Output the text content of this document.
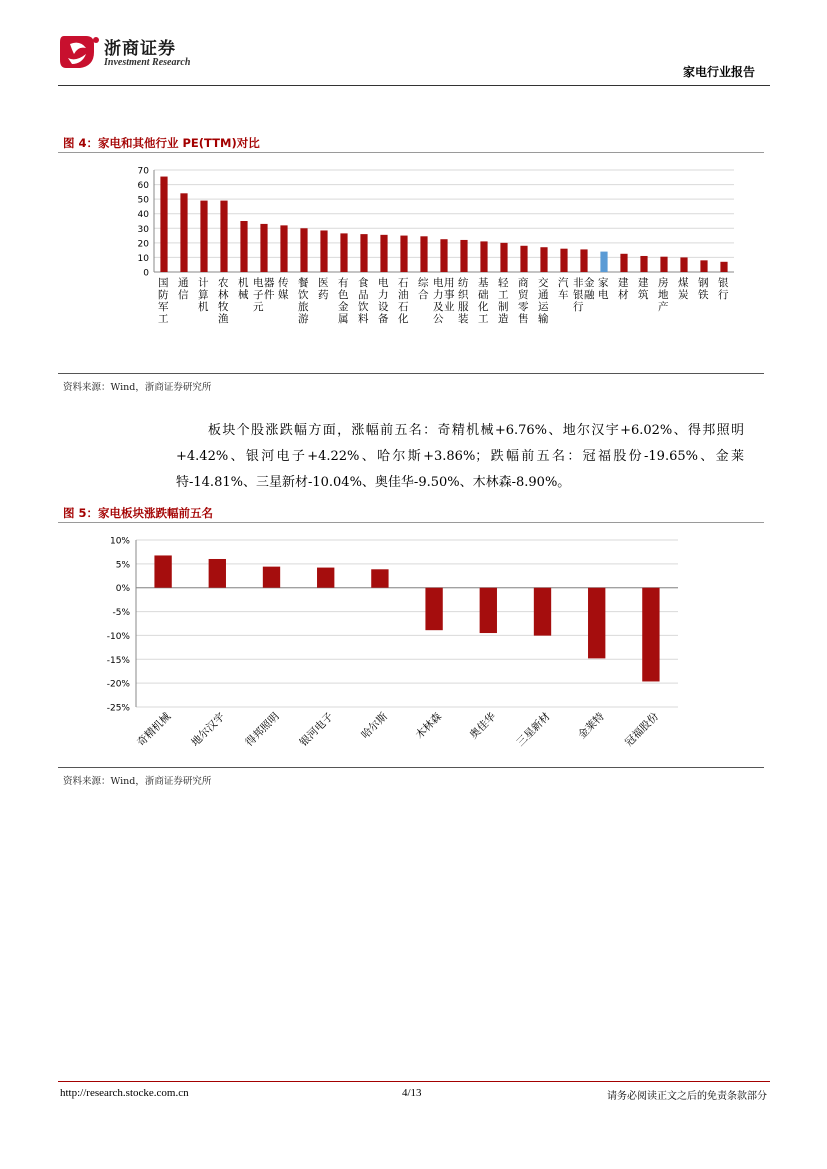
浙商证券
Investment Research
家电行业报告
图 4：家电和其他行业 PE(TTM)对比
0
10
20
30
40
50
60
70
国防军工
通信
计算机
农林牧渔
机械
电子元器件
传媒
餐饮旅游
医药
有色金属
食品饮料
电力设备
石油石化
综合
电力及公用事业
纺织服装
基础化工
轻工制造
商贸零售
交通运输
汽车
非银行金融
家电
建材
建筑
房地产
煤炭
钢铁
银行
资料来源：Wind，浙商证券研究所

板块个股涨跌幅方面，涨幅前五名：奇精机械+6.76%、地尔汉宇+6.02%、得邦照明+4.42%、银河电子+4.22%、哈尔斯+3.86%；跌幅前五名：冠福股份-19.65%、金莱特-14.81%、三星新材-10.04%、奥佳华-9.50%、木林森-8.90%。

图 5：家电板块涨跌幅前五名
-25%
-20%
-15%
-10%
-5%
0%
5%
10%
奇精机械 地尔汉宇 得邦照明 银河电子 哈尔斯 木林森 奥佳华 三星新材 金莱特 冠福股份
资料来源：Wind，浙商证券研究所
http://research.stocke.com.cn	4/13	请务必阅读正文之后的免责条款部分
